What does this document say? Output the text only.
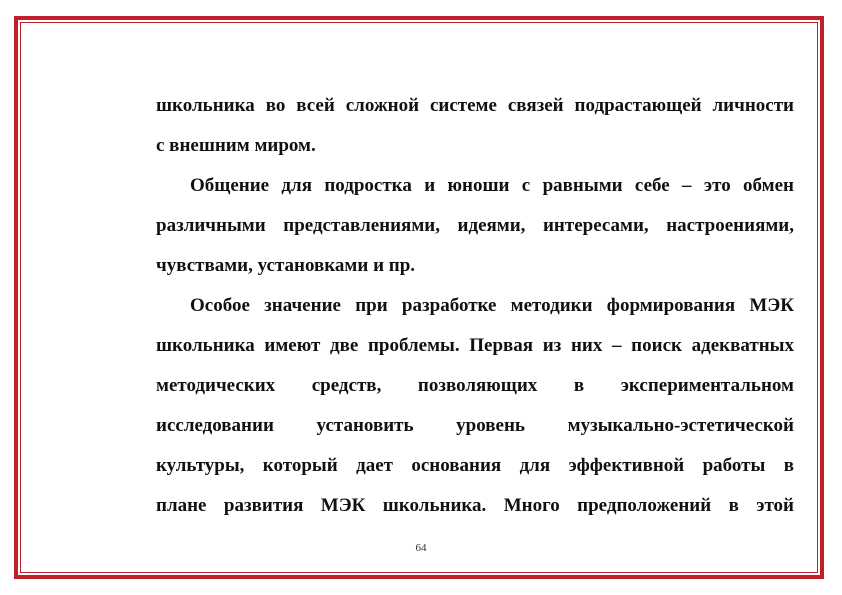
школьника во всей сложной системе связей подрастающей личности
с внешним миром.
Общение для подростка и юноши с равными себе – это обмен
различными представлениями, идеями, интересами, настроениями,
чувствами, установками и пр.
Особое значение при разработке методики формирования МЭК
школьника имеют две проблемы. Первая из них – поиск адекватных
методических средств, позволяющих в экспериментальном
исследовании установить уровень музыкально-эстетической
культуры, который дает основания для эффективной работы в
плане развития МЭК школьника. Много предположений в этой
64
